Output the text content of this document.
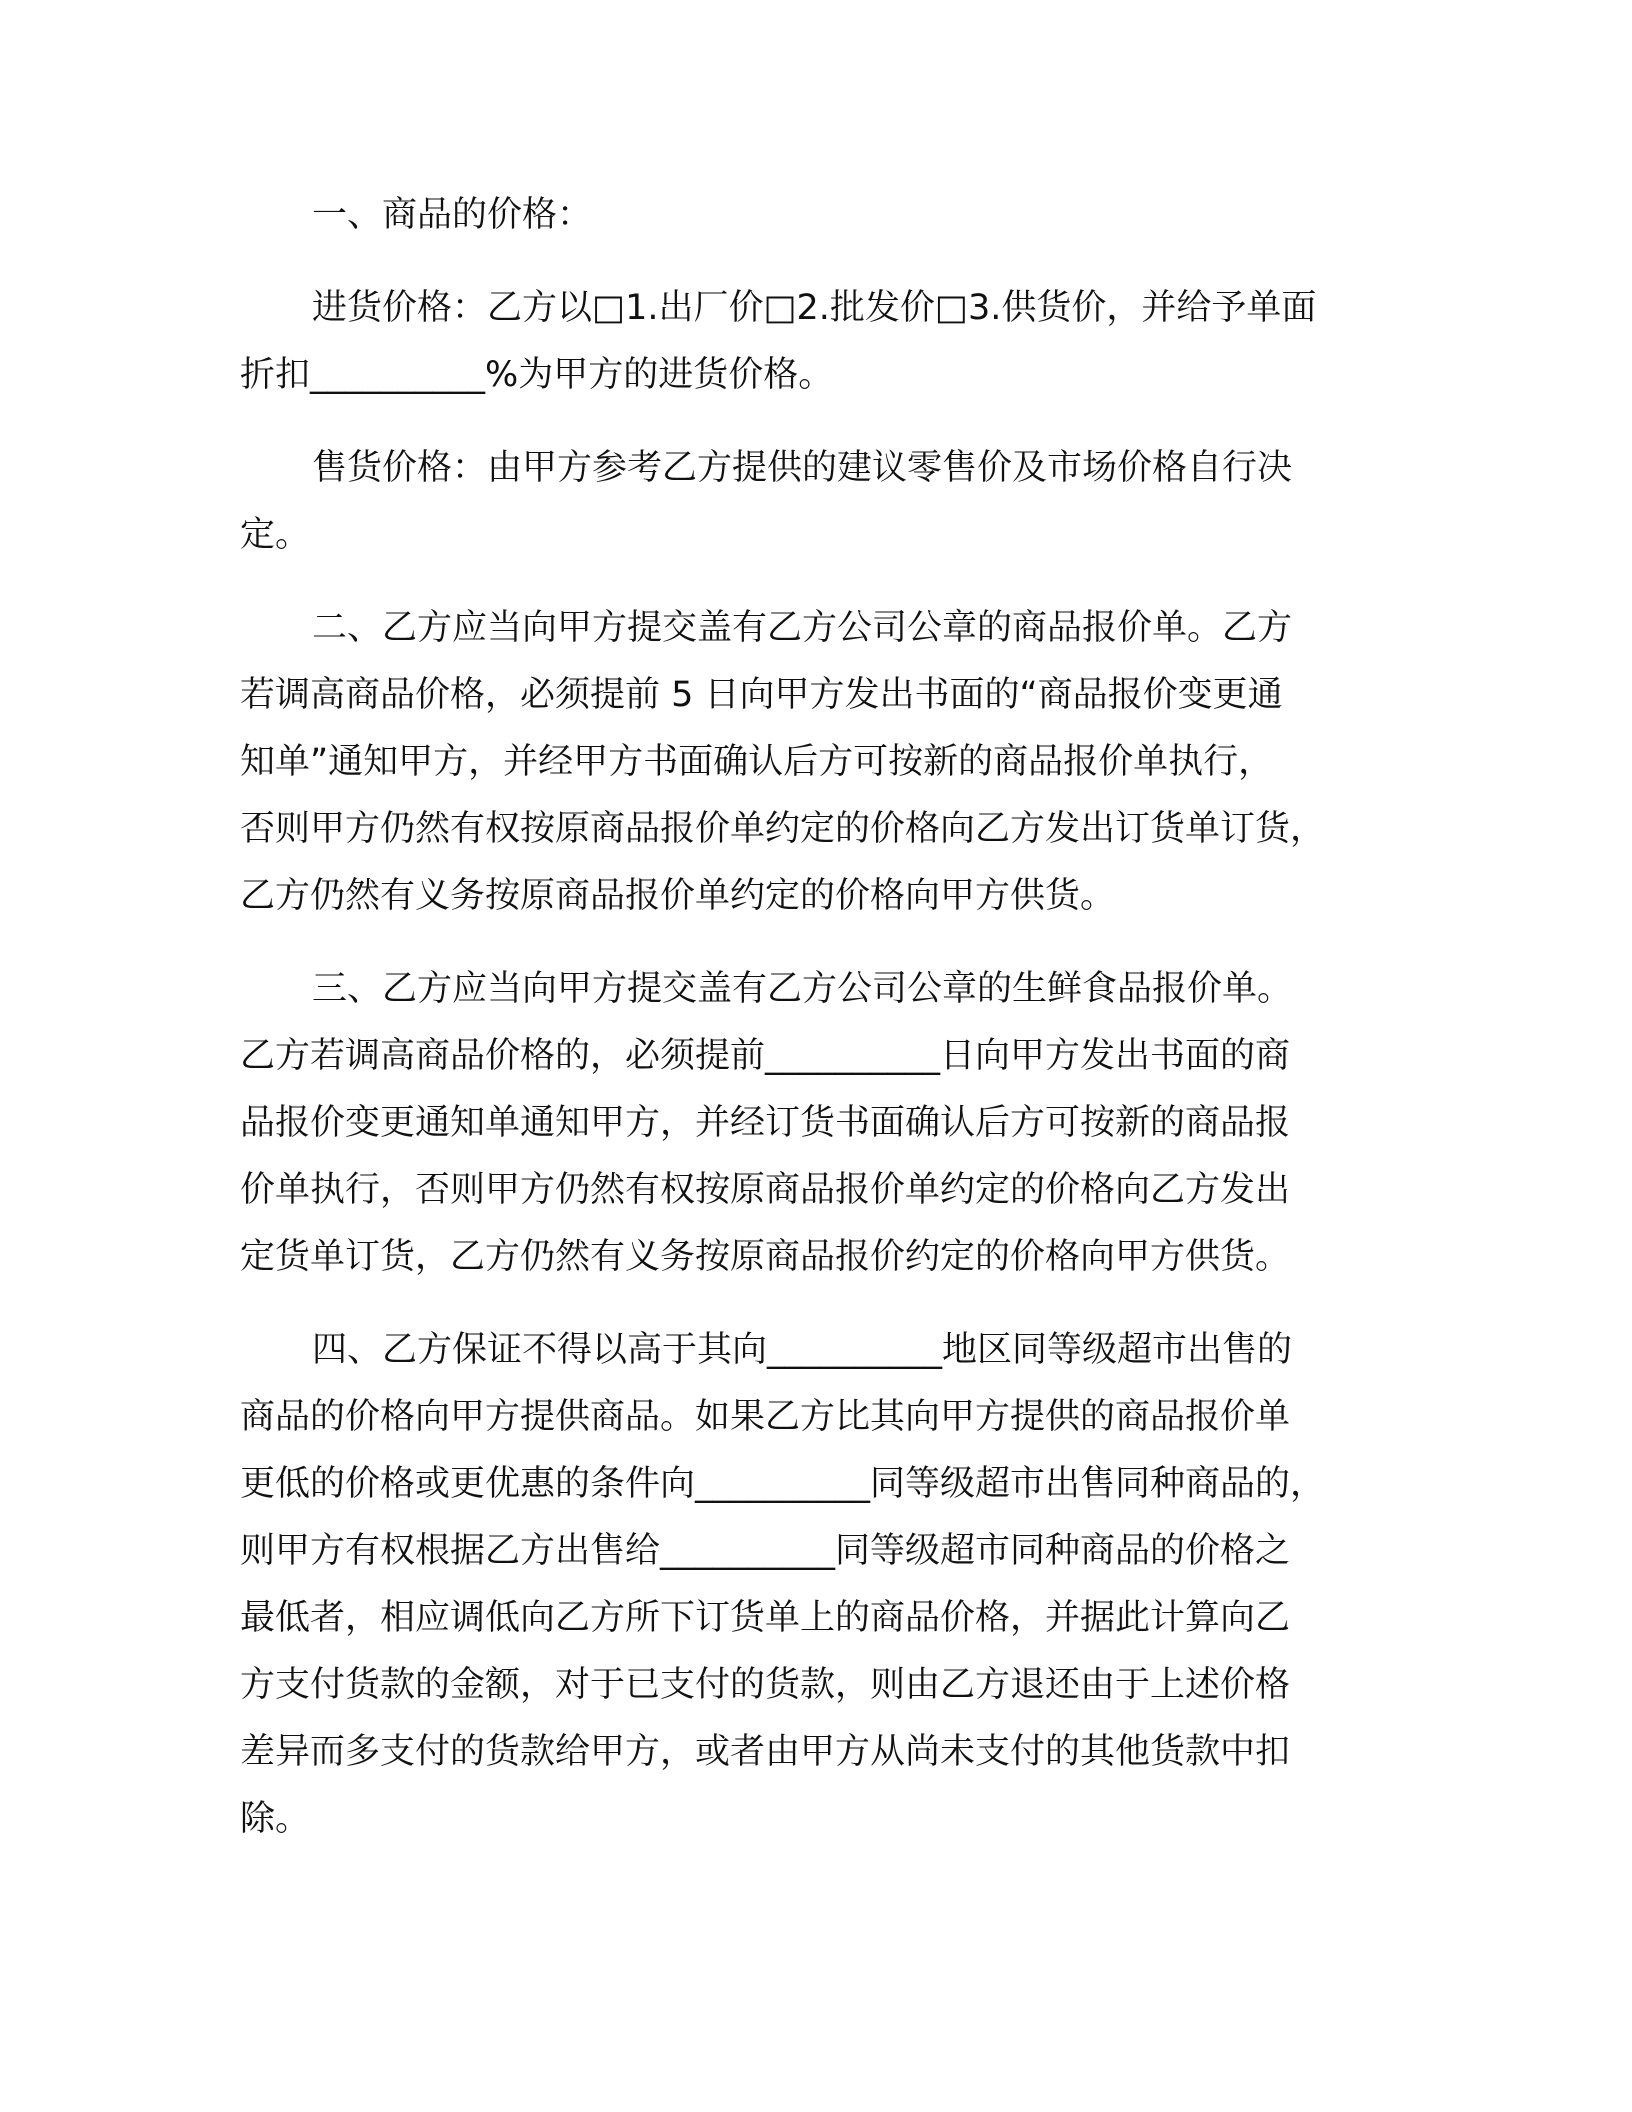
一、商品的价格：

进货价格：乙方以□1.出厂价□2.批发价□3.供货价，并给予单面
折扣__________%为甲方的进货价格。

售货价格：由甲方参考乙方提供的建议零售价及市场价格自行决
定。

二、乙方应当向甲方提交盖有乙方公司公章的商品报价单。乙方
若调高商品价格，必须提前 5 日向甲方发出书面的“商品报价变更通
知单”通知甲方，并经甲方书面确认后方可按新的商品报价单执行，
否则甲方仍然有权按原商品报价单约定的价格向乙方发出订货单订货，
乙方仍然有义务按原商品报价单约定的价格向甲方供货。

三、乙方应当向甲方提交盖有乙方公司公章的生鲜食品报价单。
乙方若调高商品价格的，必须提前__________日向甲方发出书面的商
品报价变更通知单通知甲方，并经订货书面确认后方可按新的商品报
价单执行，否则甲方仍然有权按原商品报价单约定的价格向乙方发出
定货单订货，乙方仍然有义务按原商品报价约定的价格向甲方供货。

四、乙方保证不得以高于其向__________地区同等级超市出售的
商品的价格向甲方提供商品。如果乙方比其向甲方提供的商品报价单
更低的价格或更优惠的条件向__________同等级超市出售同种商品的，
则甲方有权根据乙方出售给__________同等级超市同种商品的价格之
最低者，相应调低向乙方所下订货单上的商品价格，并据此计算向乙
方支付货款的金额，对于已支付的货款，则由乙方退还由于上述价格
差异而多支付的货款给甲方，或者由甲方从尚未支付的其他货款中扣
除。
